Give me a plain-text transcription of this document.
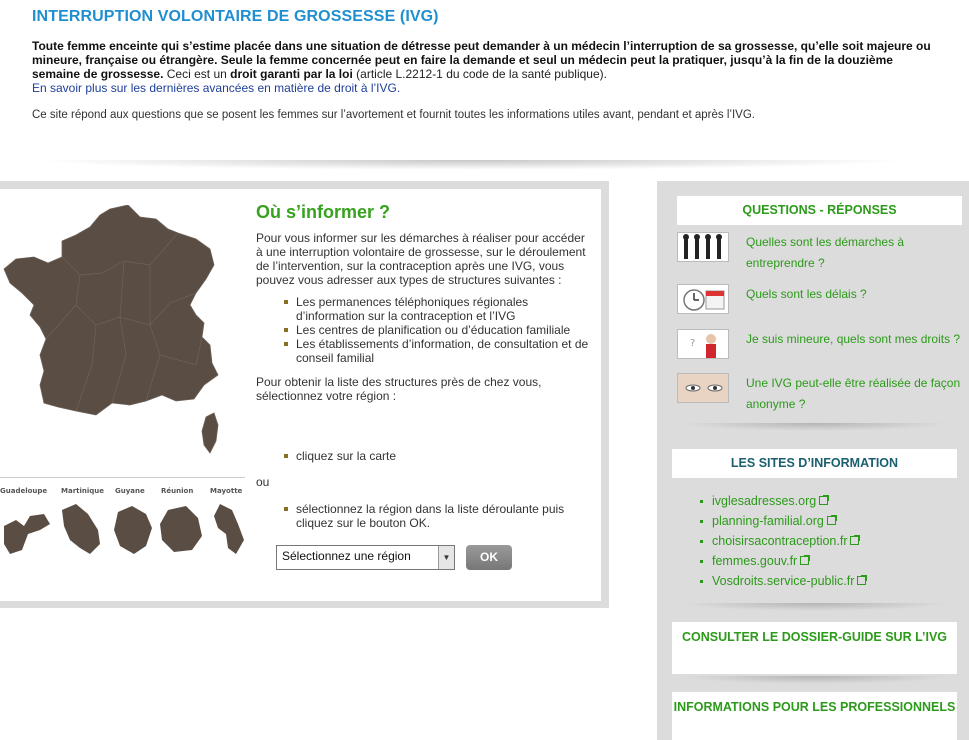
INTERRUPTION VOLONTAIRE DE GROSSESSE (IVG)

Toute femme enceinte qui s’estime placée dans une situation de détresse peut demander à un médecin l’interruption de sa grossesse, qu’elle soit majeure ou mineure, française ou étrangère. Seule la femme concernée peut en faire la demande et seul un médecin peut la pratiquer, jusqu’à la fin de la douzième semaine de grossesse. Ceci est un droit garanti par la loi (article L.2212-1 du code de la santé publique).

En savoir plus sur les dernières avancées en matière de droit à l’IVG.

Ce site répond aux questions que se posent les femmes sur l’avortement et fournit toutes les informations utiles avant, pendant et après l’IVG.

Guadeloupe Martinique Guyane Réunion Mayotte
Où s’informer ?

Pour vous informer sur les démarches à réaliser pour accéder à une interruption volontaire de grossesse, sur le déroulement de l’intervention, sur la contraception après une IVG, vous pouvez vous adresser aux types de structures suivantes :

Les permanences téléphoniques régionales d’information sur la contraception et l’IVG
Les centres de planification ou d’éducation familiale
Les établissements d’information, de consultation et de conseil familial

Pour obtenir la liste des structures près de chez vous, sélectionnez votre région :

cliquez sur la carte
ou
sélectionnez la région dans la liste déroulante puis cliquez sur le bouton OK.
Sélectionnez une région	▼	OK
QUESTIONS - RÉPONSES
Quelles sont les démarches à entreprendre ?
Quels sont les délais ?
?	Je suis mineure, quels sont mes droits ?
Une IVG peut-elle être réalisée de façon anonyme ?
LES SITES D’INFORMATION
ivglesadresses.org
planning-familial.org
choisirsacontraception.fr
femmes.gouv.fr
Vosdroits.service-public.fr
CONSULTER LE DOSSIER-GUIDE SUR L’IVG
INFORMATIONS POUR LES PROFESSIONNELS
